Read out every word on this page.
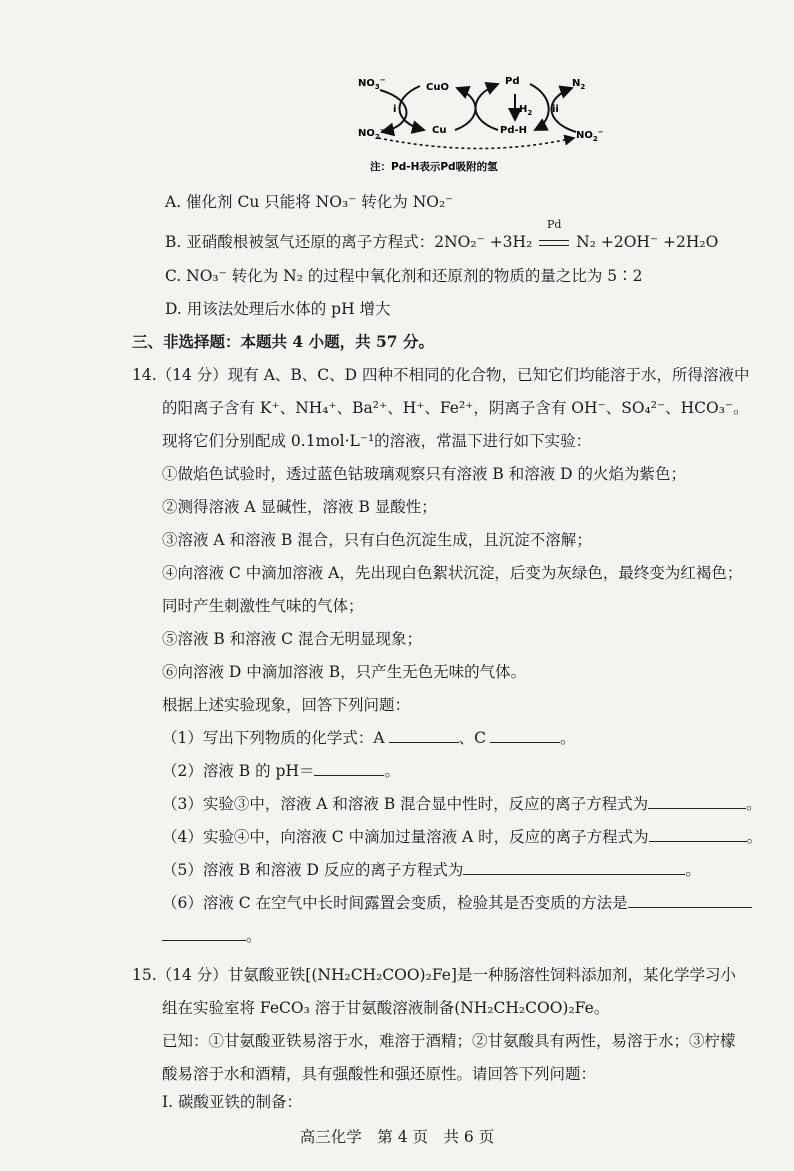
$NO_3^-$
$NO_2^-$
i
CuO
Cu
Pd
$H_2$
Pd-H
ii
$N_2$
$NO_2^-$
注：Pd-H表示Pd吸附的氢
A. 催化剂 Cu 只能将 NO₃⁻ 转化为 NO₂⁻
B. 亚硝酸根被氢气还原的离子方程式：2NO₂⁻ +3H₂
Pd
N₂ +2OH⁻ +2H₂O
C. NO₃⁻ 转化为 N₂ 的过程中氧化剂和还原剂的物质的量之比为 5∶2
D. 用该法处理后水体的 pH 增大
三、非选择题：本题共 4 小题，共 57 分。
14.（14 分）现有 A、B、C、D 四种不相同的化合物，已知它们均能溶于水，所得溶液中
的阳离子含有 K⁺、NH₄⁺、Ba²⁺、H⁺、Fe²⁺，阴离子含有 OH⁻、SO₄²⁻、HCO₃⁻。
现将它们分别配成 0.1mol·L⁻¹的溶液，常温下进行如下实验：
①做焰色试验时，透过蓝色钴玻璃观察只有溶液 B 和溶液 D 的火焰为紫色；
②测得溶液 A 显碱性，溶液 B 显酸性；
③溶液 A 和溶液 B 混合，只有白色沉淀生成，且沉淀不溶解；
④向溶液 C 中滴加溶液 A，先出现白色絮状沉淀，后变为灰绿色，最终变为红褐色；
同时产生刺激性气味的气体；
⑤溶液 B 和溶液 C 混合无明显现象；
⑥向溶液 D 中滴加溶液 B，只产生无色无味的气体。
根据上述实验现象，回答下列问题：
（1）写出下列物质的化学式：A	、C	。
（2）溶液 B 的 pH＝	。
（3）实验③中，溶液 A 和溶液 B 混合显中性时，反应的离子方程式为	。
（4）实验④中，向溶液 C 中滴加过量溶液 A 时，反应的离子方程式为	。
（5）溶液 B 和溶液 D 反应的离子方程式为	。
（6）溶液 C 在空气中长时间露置会变质，检验其是否变质的方法是
。
15.（14 分）甘氨酸亚铁[(NH₂CH₂COO)₂Fe]是一种肠溶性饲料添加剂，某化学学习小
组在实验室将 FeCO₃ 溶于甘氨酸溶液制备(NH₂CH₂COO)₂Fe。
已知：①甘氨酸亚铁易溶于水，难溶于酒精；②甘氨酸具有两性，易溶于水；③柠檬
酸易溶于水和酒精，具有强酸性和强还原性。请回答下列问题：
高三化学　第 4 页　共 6 页
I. 碳酸亚铁的制备：
